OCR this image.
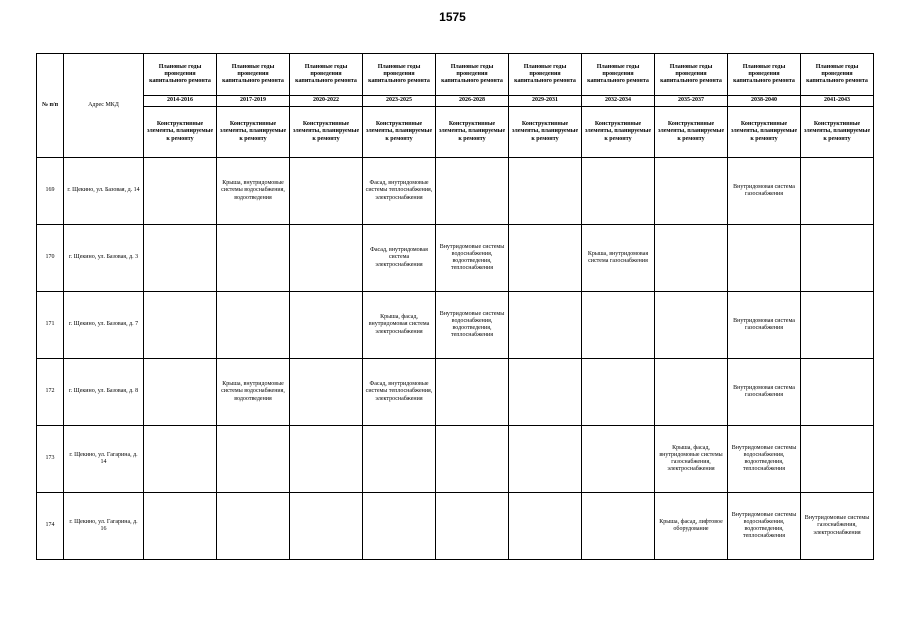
1575
№ п/п	Адрес МКД	Плановые годы проведения капитального ремонта	Плановые годы проведения капитального ремонта	Плановые годы проведения капитального ремонта	Плановые годы проведения капитального ремонта	Плановые годы проведения капитального ремонта	Плановые годы проведения капитального ремонта	Плановые годы проведения капитального ремонта	Плановые годы проведения капитального ремонта	Плановые годы проведения капитального ремонта	Плановые годы проведения капитального ремонта
		2014-2016	2017-2019	2020-2022	2023-2025	2026-2028	2029-2031	2032-2034	2035-2037	2038-2040	2041-2043
		Конструктивные элементы, планируемые к ремонту	Конструктивные элементы, планируемые к ремонту	Конструктивные элементы, планируемые к ремонту	Конструктивные элементы, планируемые к ремонту	Конструктивные элементы, планируемые к ремонту	Конструктивные элементы, планируемые к ремонту	Конструктивные элементы, планируемые к ремонту	Конструктивные элементы, планируемые к ремонту	Конструктивные элементы, планируемые к ремонту	Конструктивные элементы, планируемые к ремонту
169	г. Щекино, ул. Базовая, д. 14		Крыша, внутридомовые системы водоснабжения, водоотведения		Фасад, внутридомовые системы теплоснабжения, электроснабжения					Внутридомовая система газоснабжения	
170	г. Щекино, ул. Базовая, д. 3				Фасад, внутридомовая система электроснабжения	Внутридомовые системы водоснабжения, водоотведения, теплоснабжения		Крыша, внутридомовая система газоснабжения			
171	г. Щекино, ул. Базовая, д. 7				Крыша, фасад, внутридомовая система электроснабжения	Внутридомовые системы водоснабжения, водоотведения, теплоснабжения				Внутридомовая система газоснабжения	
172	г. Щекино, ул. Базовая, д. 8		Крыша, внутридомовые системы водоснабжения, водоотведения		Фасад, внутридомовые системы теплоснабжения, электроснабжения					Внутридомовая система газоснабжения	
173	г. Щекино, ул. Гагарина, д. 14								Крыша, фасад, внутридомовые системы газоснабжения, электроснабжения	Внутридомовые системы водоснабжения, водоотведения, теплоснабжения	
174	г. Щекино, ул. Гагарина, д. 16								Крыша, фасад, лифтовое оборудование	Внутридомовые системы водоснабжения, водоотведения, теплоснабжения	Внутридомовые системы газоснабжения, электроснабжения
